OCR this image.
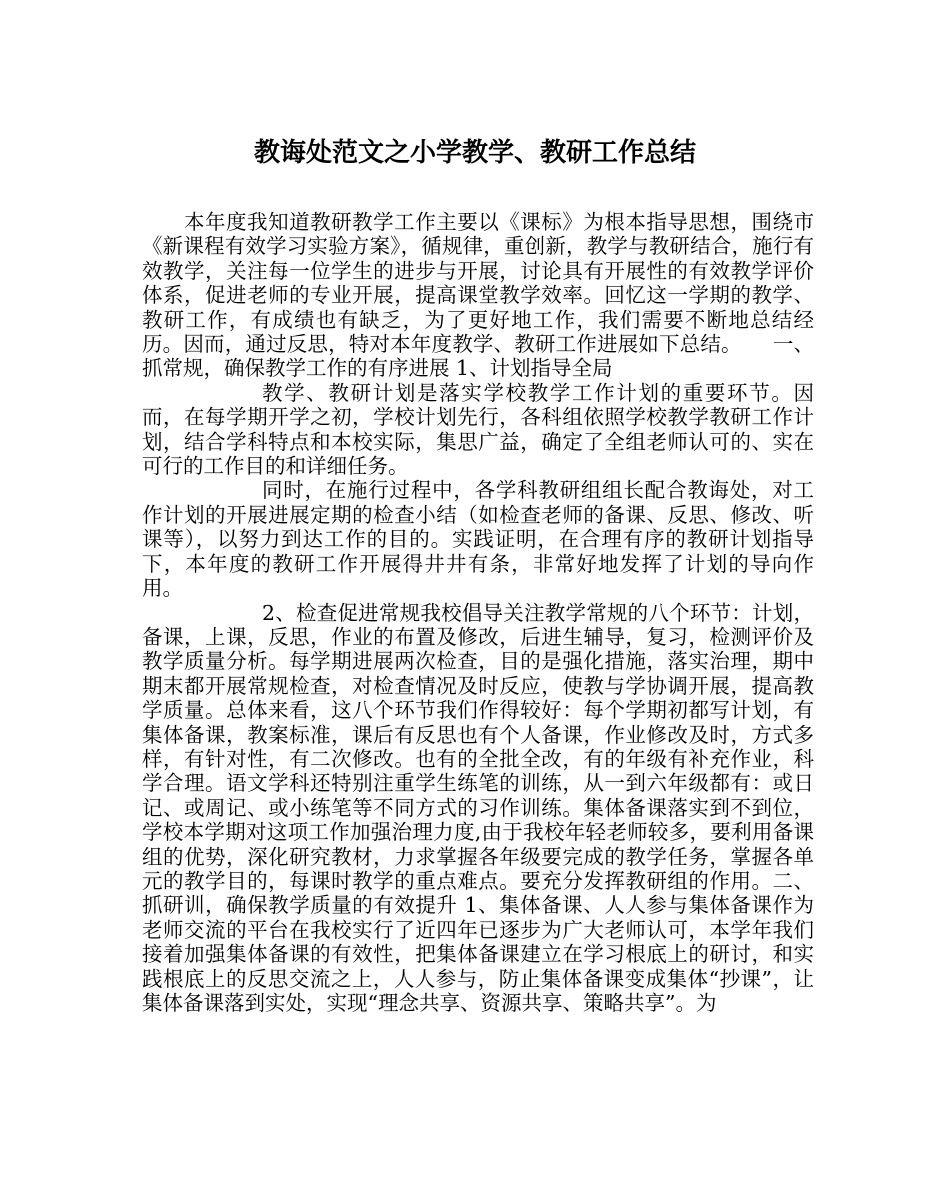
教诲处范文之小学教学、教研工作总结

本年度我知道教研教学工作主要以《课标》为根本指导思想，围绕市《新课程有效学习实验方案》，循规律，重创新，教学与教研结合，施行有效教学，关注每一位学生的进步与开展，讨论具有开展性的有效教学评价体系，促进老师的专业开展，提高课堂教学效率。回忆这一学期的教学、教研工作，有成绩也有缺乏，为了更好地工作，我们需要不断地总结经历。因而，通过反思，特对本年度教学、教研工作进展如下总结。　　一、抓常规，确保教学工作的有序进展 1、计划指导全局

教学、教研计划是落实学校教学工作计划的重要环节。因而，在每学期开学之初，学校计划先行，各科组依照学校教学教研工作计划，结合学科特点和本校实际，集思广益，确定了全组老师认可的、实在可行的工作目的和详细任务。

同时，在施行过程中，各学科教研组组长配合教诲处，对工作计划的开展进展定期的检查小结（如检查老师的备课、反思、修改、听课等），以努力到达工作的目的。实践证明，在合理有序的教研计划指导下，本年度的教研工作开展得井井有条，非常好地发挥了计划的导向作用。

2、检查促进常规我校倡导关注教学常规的八个环节：计划，备课，上课，反思，作业的布置及修改，后进生辅导，复习，检测评价及教学质量分析。每学期进展两次检查，目的是强化措施，落实治理，期中期末都开展常规检查，对检查情况及时反应，使教与学协调开展，提高教学质量。总体来看，这八个环节我们作得较好：每个学期初都写计划，有集体备课，教案标准，课后有反思也有个人备课，作业修改及时，方式多样，有针对性，有二次修改。也有的全批全改，有的年级有补充作业，科学合理。语文学科还特别注重学生练笔的训练，从一到六年级都有：或日记、或周记、或小练笔等不同方式的习作训练。集体备课落实到不到位，学校本学期对这项工作加强治理力度,由于我校年轻老师较多，要利用备课组的优势，深化研究教材，力求掌握各年级要完成的教学任务，掌握各单元的教学目的，每课时教学的重点难点。要充分发挥教研组的作用。二、抓研训，确保教学质量的有效提升 1、集体备课、人人参与集体备课作为老师交流的平台在我校实行了近四年已逐步为广大老师认可，本学年我们接着加强集体备课的有效性，把集体备课建立在学习根底上的研讨，和实践根底上的反思交流之上，人人参与，防止集体备课变成集体“抄课”，让集体备课落到实处，实现“理念共享、资源共享、策略共享”。为
